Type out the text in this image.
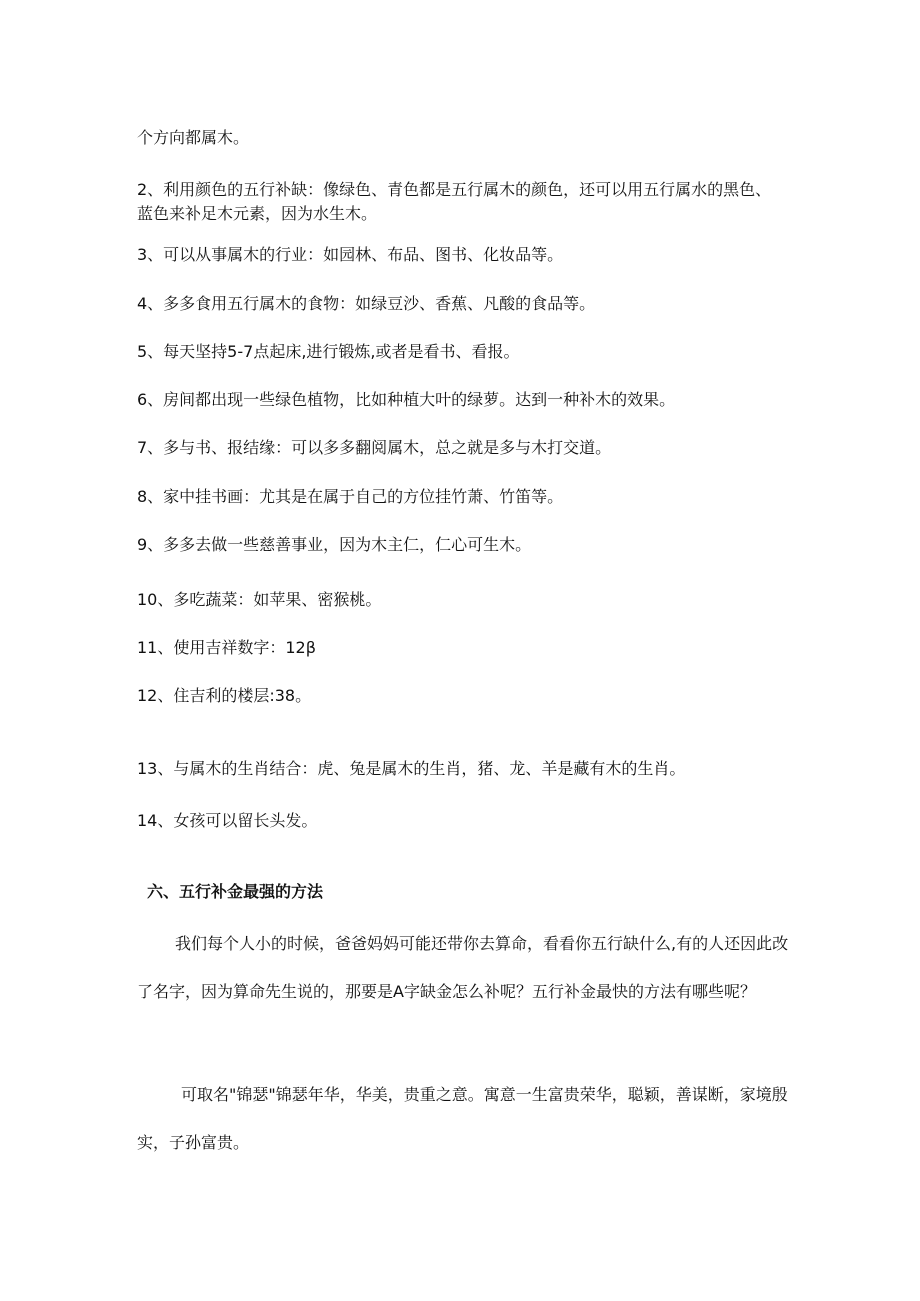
个方向都属木。

2、利用颜色的五行补缺：像绿色、青色都是五行属木的颜色，还可以用五行属水的黑色、蓝色来补足木元素，因为水生木。

3、可以从事属木的行业：如园林、布品、图书、化妆品等。

4、多多食用五行属木的食物：如绿豆沙、香蕉、凡酸的食品等。

5、每天坚持5-7点起床,进行锻炼,或者是看书、看报。

6、房间都出现一些绿色植物，比如种植大叶的绿萝。达到一种补木的效果。

7、多与书、报结缘：可以多多翻阅属木，总之就是多与木打交道。

8、家中挂书画：尤其是在属于自己的方位挂竹萧、竹笛等。

9、多多去做一些慈善事业，因为木主仁，仁心可生木。

10、多吃蔬菜：如苹果、密猴桃。

11、使用吉祥数字：12β

12、住吉利的楼层:38。

13、与属木的生肖结合：虎、兔是属木的生肖，猪、龙、羊是藏有木的生肖。

14、女孩可以留长头发。

六、五行补金最强的方法

我们每个人小的时候，爸爸妈妈可能还带你去算命，看看你五行缺什么,有的人还因此改了名字，因为算命先生说的，那要是A字缺金怎么补呢？五行补金最快的方法有哪些呢？

可取名"锦瑟"锦瑟年华，华美，贵重之意。寓意一生富贵荣华，聪颖，善谋断，家境殷实，子孙富贵。
